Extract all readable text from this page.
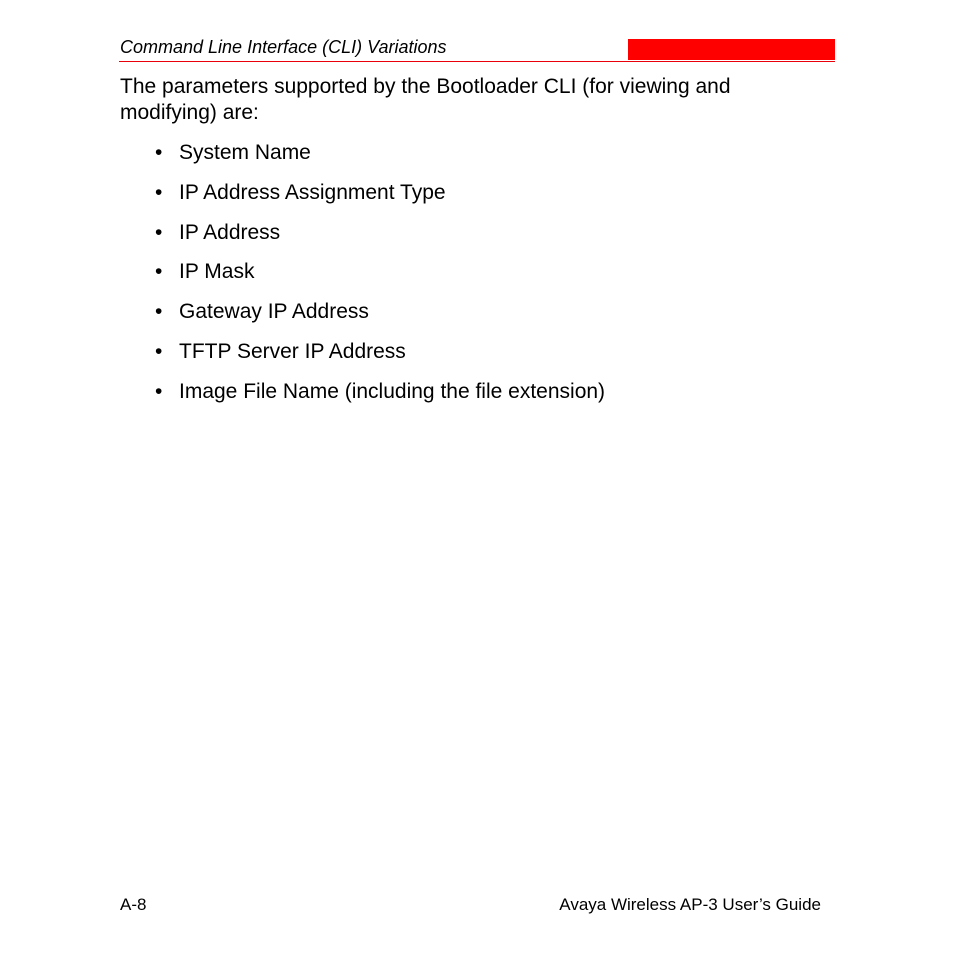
Command Line Interface (CLI) Variations

The parameters supported by the Bootloader CLI (for viewing and modifying) are:

• System Name
• IP Address Assignment Type
• IP Address
• IP Mask
• Gateway IP Address
• TFTP Server IP Address
• Image File Name (including the file extension)
A-8	Avaya Wireless AP-3 User’s Guide
